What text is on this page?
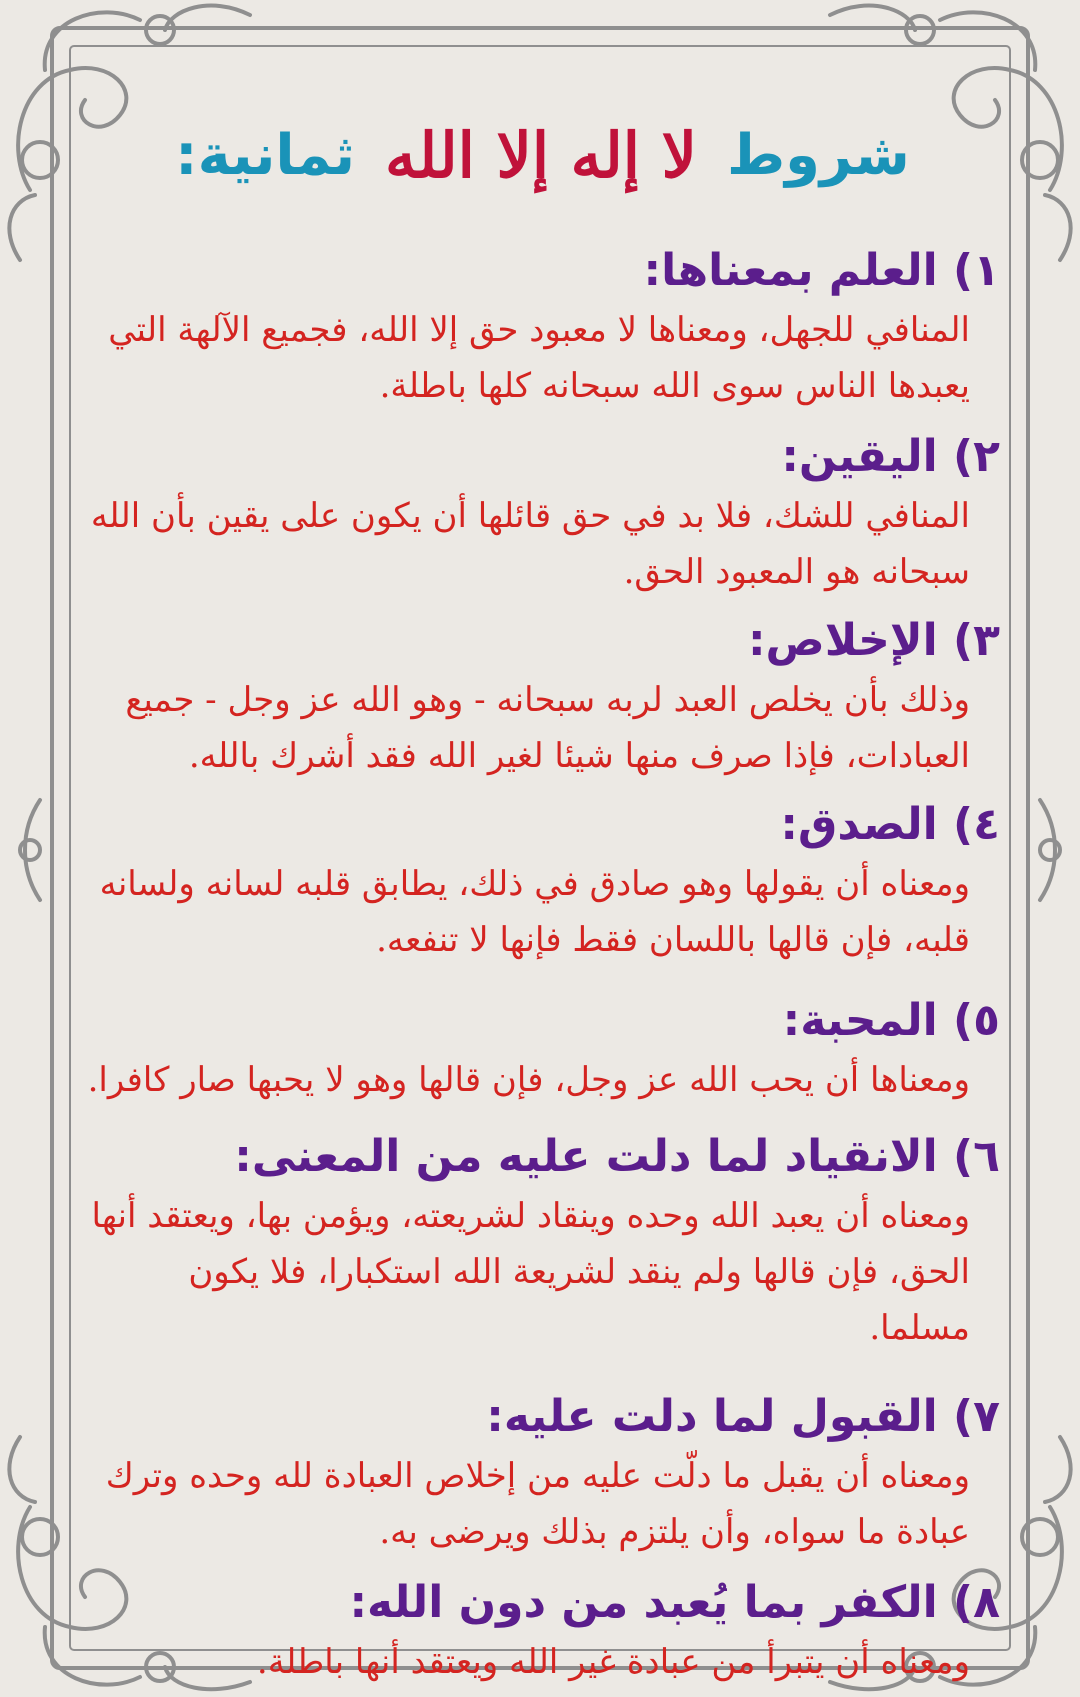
شروط
لا إله إلا الله
ثمانية:
١) العلم بمعناها:

المنافي للجهل، ومعناها لا معبود حق إلا الله، فجميع الآلهة التي يعبدها الناس سوى الله سبحانه كلها باطلة.

٢) اليقين:

المنافي للشك، فلا بد في حق قائلها أن يكون على يقين بأن الله سبحانه هو المعبود الحق.

٣) الإخلاص:

وذلك بأن يخلص العبد لربه سبحانه - وهو الله عز وجل - جميع العبادات، فإذا صرف منها شيئا لغير الله فقد أشرك بالله.

٤) الصدق:

ومعناه أن يقولها وهو صادق في ذلك، يطابق قلبه لسانه ولسانه قلبه، فإن قالها باللسان فقط فإنها لا تنفعه.

٥) المحبة:

ومعناها أن يحب الله عز وجل، فإن قالها وهو لا يحبها صار كافرا.

٦) الانقياد لما دلت عليه من المعنى:

ومعناه أن يعبد الله وحده وينقاد لشريعته، ويؤمن بها، ويعتقد أنها الحق، فإن قالها ولم ينقد لشريعة الله استكبارا، فلا يكون مسلما.

٧) القبول لما دلت عليه:

ومعناه أن يقبل ما دلّت عليه من إخلاص العبادة لله وحده وترك عبادة ما سواه، وأن يلتزم بذلك ويرضى به.

٨) الكفر بما يُعبد من دون الله:

ومعناه أن يتبرأ من عبادة غير الله ويعتقد أنها باطلة.
